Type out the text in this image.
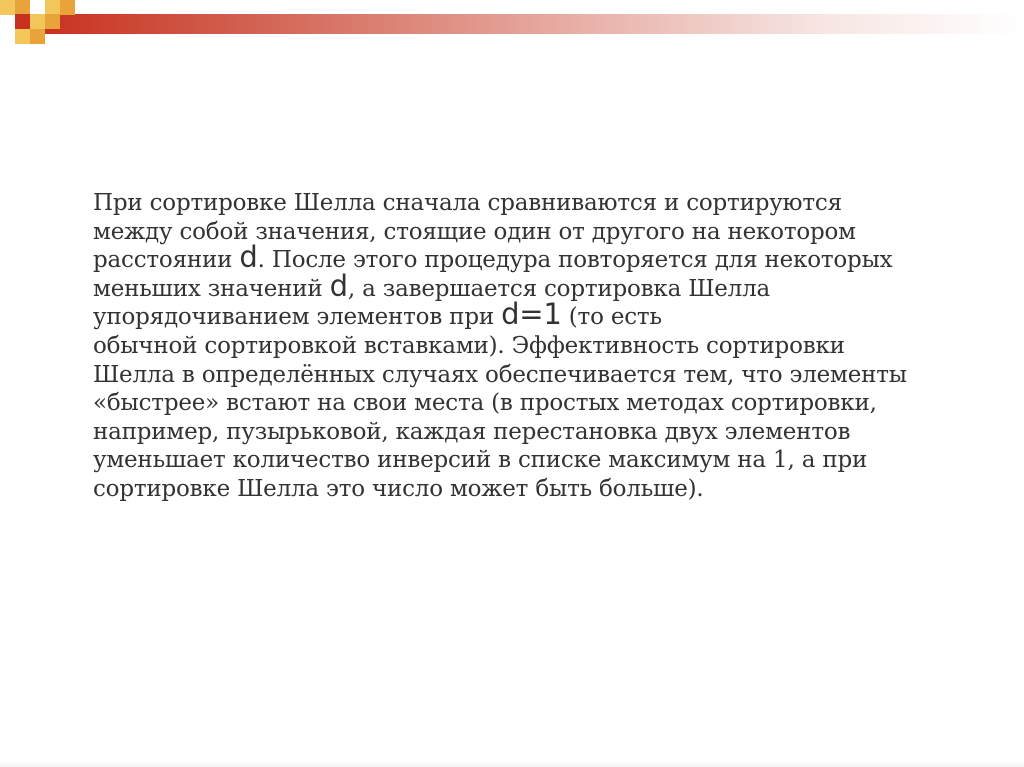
При сортировке Шелла сначала сравниваются и сортируются
между собой значения, стоящие один от другого на некотором
расстоянии d. После этого процедура повторяется для некоторых
меньших значений d, а завершается сортировка Шелла
упорядочиванием элементов при d=1 (то есть
обычной сортировкой вставками). Эффективность сортировки
Шелла в определённых случаях обеспечивается тем, что элементы
«быстрее» встают на свои места (в простых методах сортировки,
например, пузырьковой, каждая перестановка двух элементов
уменьшает количество инверсий в списке максимум на 1, а при
сортировке Шелла это число может быть больше).
